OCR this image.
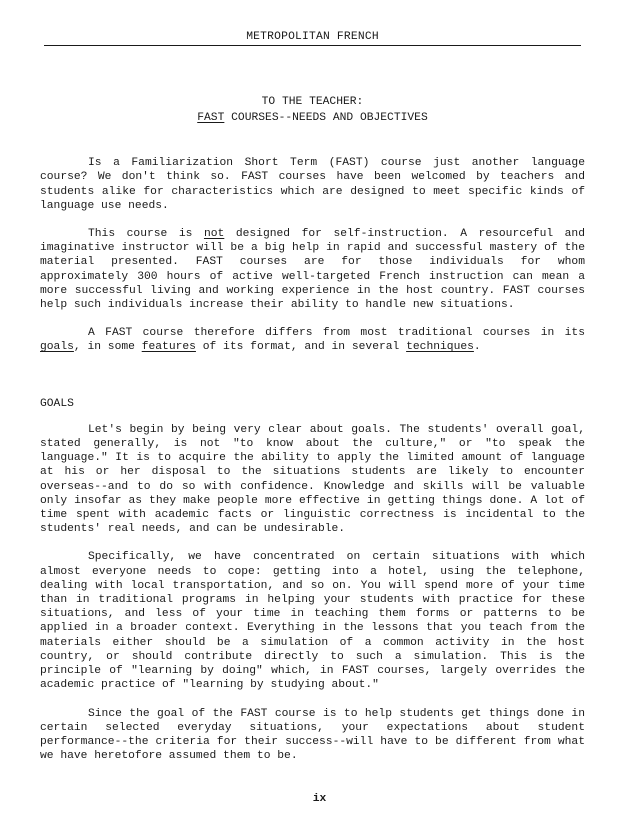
METROPOLITAN FRENCH
TO THE TEACHER:
FAST COURSES--NEEDS AND OBJECTIVES

Is a Familiarization Short Term (FAST) course just another language course? We don't think so. FAST courses have been welcomed by teachers and students alike for characteristics which are designed to meet specific kinds of language use needs.

This course is not designed for self-instruction. A resourceful and imaginative instructor will be a big help in rapid and successful mastery of the material presented. FAST courses are for those individuals for whom approximately 300 hours of active well-targeted French instruction can mean a more successful living and working experience in the host country. FAST courses help such individuals increase their ability to handle new situations.

A FAST course therefore differs from most traditional courses in its goals, in some features of its format, and in several techniques.

GOALS

Let's begin by being very clear about goals. The students' overall goal, stated generally, is not "to know about the culture," or "to speak the language." It is to acquire the ability to apply the limited amount of language at his or her disposal to the situations students are likely to encounter overseas--and to do so with confidence. Knowledge and skills will be valuable only insofar as they make people more effective in getting things done. A lot of time spent with academic facts or linguistic correctness is incidental to the students' real needs, and can be undesirable.

Specifically, we have concentrated on certain situations with which almost everyone needs to cope: getting into a hotel, using the telephone, dealing with local transportation, and so on. You will spend more of your time than in traditional programs in helping your students with practice for these situations, and less of your time in teaching them forms or patterns to be applied in a broader context. Everything in the lessons that you teach from the materials either should be a simulation of a common activity in the host country, or should contribute directly to such a simulation. This is the principle of "learning by doing" which, in FAST courses, largely overrides the academic practice of "learning by studying about."

Since the goal of the FAST course is to help students get things done in certain selected everyday situations, your expectations about student performance--the criteria for their success--will have to be different from what we have heretofore assumed them to be.

ix
